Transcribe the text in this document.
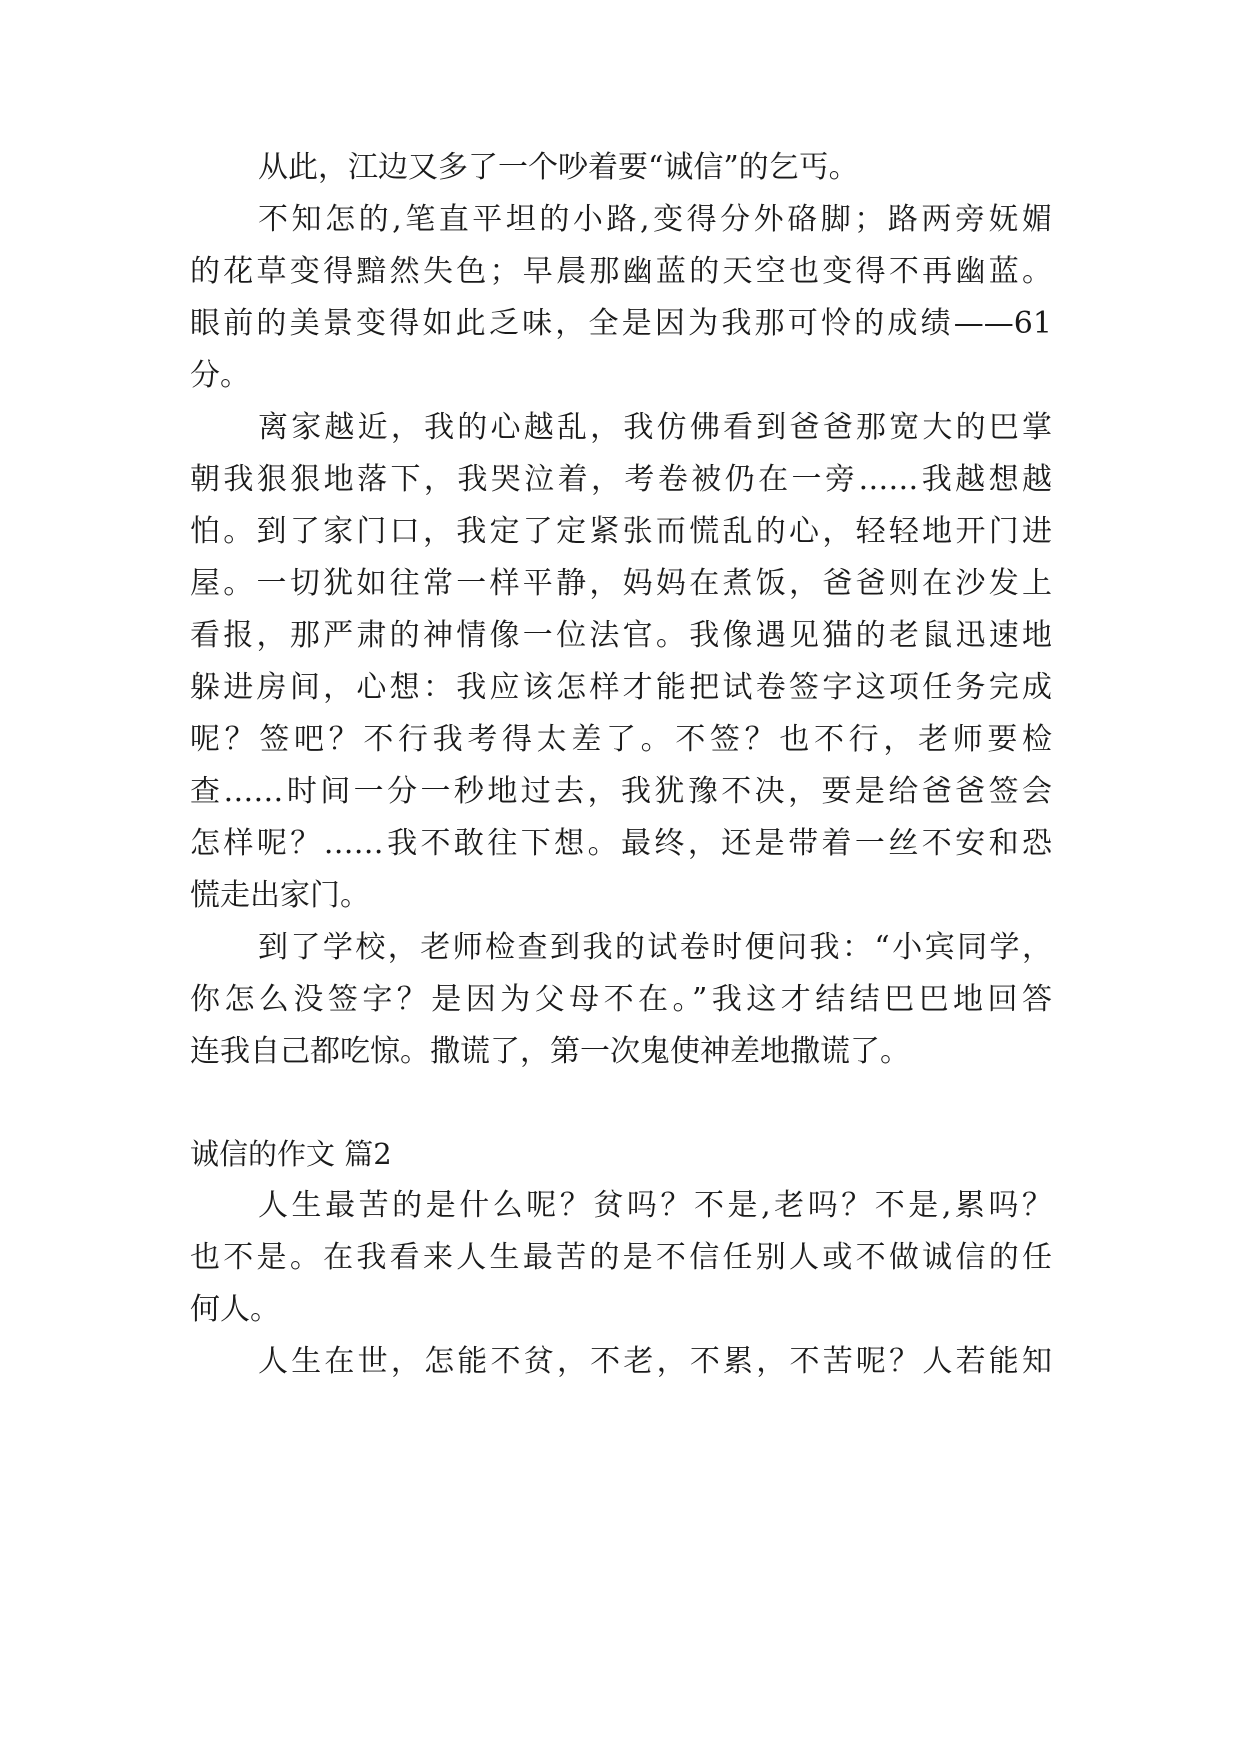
从此，江边又多了一个吵着要“诚信”的乞丐。
不知怎的,笔直平坦的小路,变得分外硌脚；路两旁妩媚
的花草变得黯然失色；早晨那幽蓝的天空也变得不再幽蓝。
眼前的美景变得如此乏味，全是因为我那可怜的成绩——61
分。
离家越近，我的心越乱，我仿佛看到爸爸那宽大的巴掌
朝我狠狠地落下，我哭泣着，考卷被仍在一旁……我越想越
怕。到了家门口，我定了定紧张而慌乱的心，轻轻地开门进
屋。一切犹如往常一样平静，妈妈在煮饭，爸爸则在沙发上
看报，那严肃的神情像一位法官。我像遇见猫的老鼠迅速地
躲进房间，心想：我应该怎样才能把试卷签字这项任务完成
呢？签吧？不行我考得太差了。不签？也不行，老师要检
查……时间一分一秒地过去，我犹豫不决，要是给爸爸签会
怎样呢？……我不敢往下想。最终，还是带着一丝不安和恐
慌走出家门。
到了学校，老师检查到我的试卷时便问我：“小宾同学，
你怎么没签字？是因为父母不在。”我这才结结巴巴地回答
连我自己都吃惊。撒谎了，第一次鬼使神差地撒谎了。
诚信的作文 篇2
人生最苦的是什么呢？贫吗？不是,老吗？不是,累吗？
也不是。在我看来人生最苦的是不信任别人或不做诚信的任
何人。
人生在世，怎能不贫，不老，不累，不苦呢？人若能知
